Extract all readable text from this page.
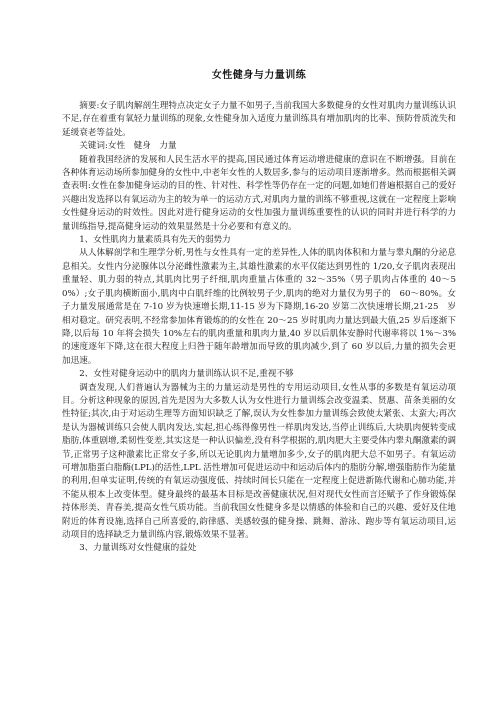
女性健身与力量训练

摘要:女子肌肉解剖生理特点决定女子力量不如男子,当前我国大多数健身的女性对肌肉力量训练认识不足,存在着重有氧轻力量训练的现象,女性健身加入适度力量训练具有增加肌肉的比率、预防骨质流失和延缓衰老等益处。

关键词:女性　健身　力量

随着我国经济的发展和人民生活水平的提高,国民通过体育运动增进健康的意识在不断增强。目前在各种体育运动场所参加健身的女性中,中老年女性的人数居多,参与的运动项目逐渐增多。然而根据相关调查表明:女性在参加健身运动的目的性、针对性、科学性等仍存在一定的问题,如她们普遍根据自己的爱好兴趣出发选择以有氧运动为主的较为单一的运动方式,对肌肉力量的训练不够重视,这就在一定程度上影响女性健身运动的时效性。因此对进行健身运动的女性加强力量训练重要性的认识的同时并进行科学的力量训练指导,提高健身运动的效果显然是十分必要和有意义的。

1、女性肌肉力量素质具有先天的弱势力

从人体解剖学和生理学分析,男性与女性具有一定的差异性,人体的肌肉体积和力量与睾丸酮的分泌息息相关。女性内分泌腺体以分泌雌性激素为主,其雄性激素的水平仅能达到男性的 1/20,女子肌肉表现出重量轻、肌力弱的特点,其肌肉比男子纤细,肌肉重量占体重的 32～35%（男子肌肉占体重的 40～50%）;女子肌肉横断面小,肌肉中白肌纤维的比例较男子少,肌肉的绝对力量仅为男子的　60～80%。女子力量发展通常是在 7-10 岁为快速增长期,11-15 岁为下降期,16-20 岁第二次快速增长期,21-25　岁相对稳定。研究表明,不经常参加体育锻炼的的女性在 20～25 岁时肌肉力量达到最大值,25 岁后逐渐下降,以后每 10 年将会损失 10%左右的肌肉重量和肌肉力量,40 岁以后肌体安静时代谢率将以 1%～3%的速度逐年下降,这在很大程度上归咎于随年龄增加而导致的肌肉减少,到了 60 岁以后,力量的损失会更加迅速。

2、女性对健身运动中的肌肉力量训练认识不足,重视不够

调查发现,人们普遍认为器械为主的力量运动是男性的专用运动项目,女性从事的多数是有氧运动项目。分析这种现象的原因,首先是因为大多数人认为女性进行力量训练会改变温柔、贤惠、苗条美丽的女性特征;其次,由于对运动生理等方面知识缺乏了解,误认为女性参加力量训练会致使太紧张、太蛮大;再次是认为器械训练只会使人肌肉发达,实起,担心练得像男性一样肌肉发达,当停止训练后,大块肌肉便转变成脂肪,体重剧增,柔韧性变差,其实这是一种认识偏差,没有科学根据的,肌肉肥大主要受体内睾丸酮激素的调节,正常男子这种激素比正常女子多,所以无论肌肉力量增加多少,女子的肌肉肥大总不如男子。有氧运动可增加脂蛋白脂酶(LPL)的活性,LPL 活性增加可促进运动中和运动后体内的脂肪分解,增强脂肪作为能量的利用,但单实证明,传统的有氧运动强度低、持续时间长只能在一定程度上促进新陈代谢和心肺功能,并不能从根本上改变体型。健身最终的最基本目标是改善健康状况,但对现代女性而言还赋予了作身锻炼保持体形美、青春美,提高女性气质功能。当前我国女性健身多是以情感的体验和自己的兴趣、爱好及住地附近的体育设施,选择自己所喜爱的,韵律感、美感较强的健身操、跳舞、游泳、跑步等有氧运动项目,运动项目的选择缺乏力量训练内容,锻炼效果不显著。

3、力量训练对女性健康的益处
